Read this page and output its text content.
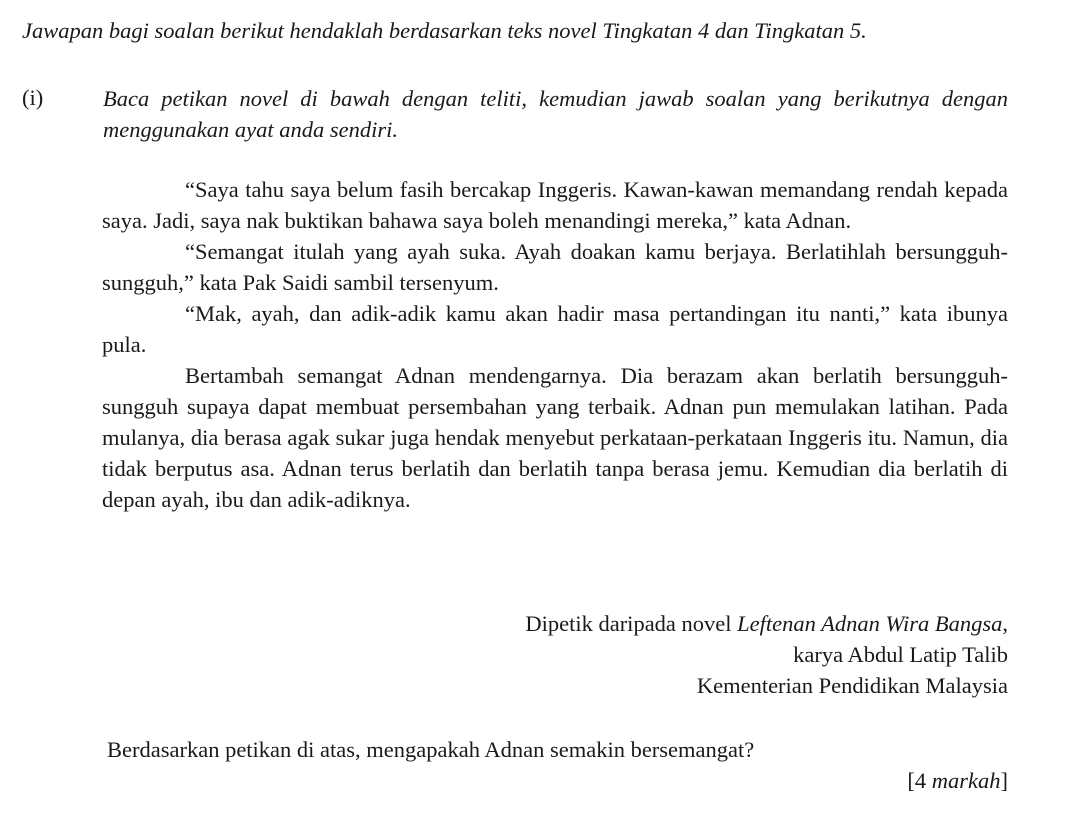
Jawapan bagi soalan berikut hendaklah berdasarkan teks novel Tingkatan 4 dan Tingkatan 5.
(i)	Baca petikan novel di bawah dengan teliti, kemudian jawab soalan yang berikutnya dengan menggunakan ayat anda sendiri.

“Saya tahu saya belum fasih bercakap Inggeris. Kawan-kawan memandang rendah kepada saya. Jadi, saya nak buktikan bahawa saya boleh menandingi mereka,” kata Adnan.

“Semangat itulah yang ayah suka. Ayah doakan kamu berjaya. Berlatihlah bersungguh-sungguh,” kata Pak Saidi sambil tersenyum.

“Mak, ayah, dan adik-adik kamu akan hadir masa pertandingan itu nanti,” kata ibunya pula.

Bertambah semangat Adnan mendengarnya. Dia berazam akan berlatih bersungguh-sungguh supaya dapat membuat persembahan yang terbaik. Adnan pun memulakan latihan. Pada mulanya, dia berasa agak sukar juga hendak menyebut perkataan-perkataan Inggeris itu. Namun, dia tidak berputus asa. Adnan terus berlatih dan berlatih tanpa berasa jemu. Kemudian dia berlatih di depan ayah, ibu dan adik-adiknya.

Dipetik daripada novel Leftenan Adnan Wira Bangsa,
karya Abdul Latip Talib
Kementerian Pendidikan Malaysia
Berdasarkan petikan di atas, mengapakah Adnan semakin bersemangat?
[4 markah]
